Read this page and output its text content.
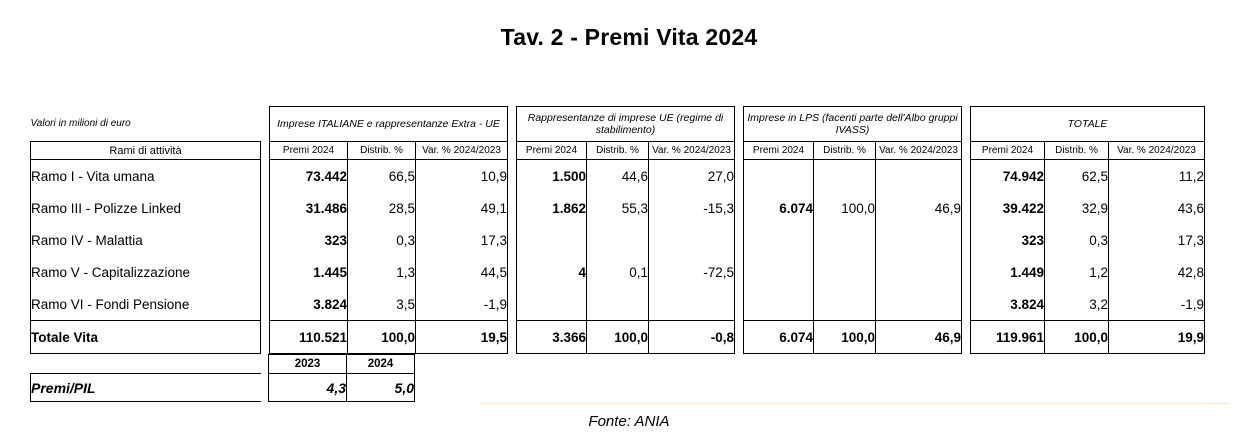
Tav. 2 - Premi Vita 2024
Valori in milioni di euro		Imprese ITALIANE e rappresentanze Extra - UE				Rappresentanze di imprese UE (regime di stabilimento)				Imprese in LPS (facenti parte dell'Albo gruppi IVASS)				TOTALE		
Rami di attività		Premi 2024	Distrib. %	Var. % 2024/2023		Premi 2024	Distrib. %	Var. % 2024/2023		Premi 2024	Distrib. %	Var. % 2024/2023		Premi 2024	Distrib. %	Var. % 2024/2023
Ramo I - Vita umana		73.442	66,5	10,9		1.500	44,6	27,0						74.942	62,5	11,2
Ramo III - Polizze Linked		31.486	28,5	49,1		1.862	55,3	-15,3		6.074	100,0	46,9		39.422	32,9	43,6
Ramo IV - Malattia		323	0,3	17,3										323	0,3	17,3
Ramo V - Capitalizzazione		1.445	1,3	44,5		4	0,1	-72,5						1.449	1,2	42,8
Ramo VI - Fondi Pensione		3.824	3,5	-1,9										3.824	3,2	-1,9
Totale Vita		110.521	100,0	19,5		3.366	100,0	-0,8		6.074	100,0	46,9		119.961	100,0	19,9
		2023	2024
Premi/PIL		4,3	5,0
Fonte: ANIA
